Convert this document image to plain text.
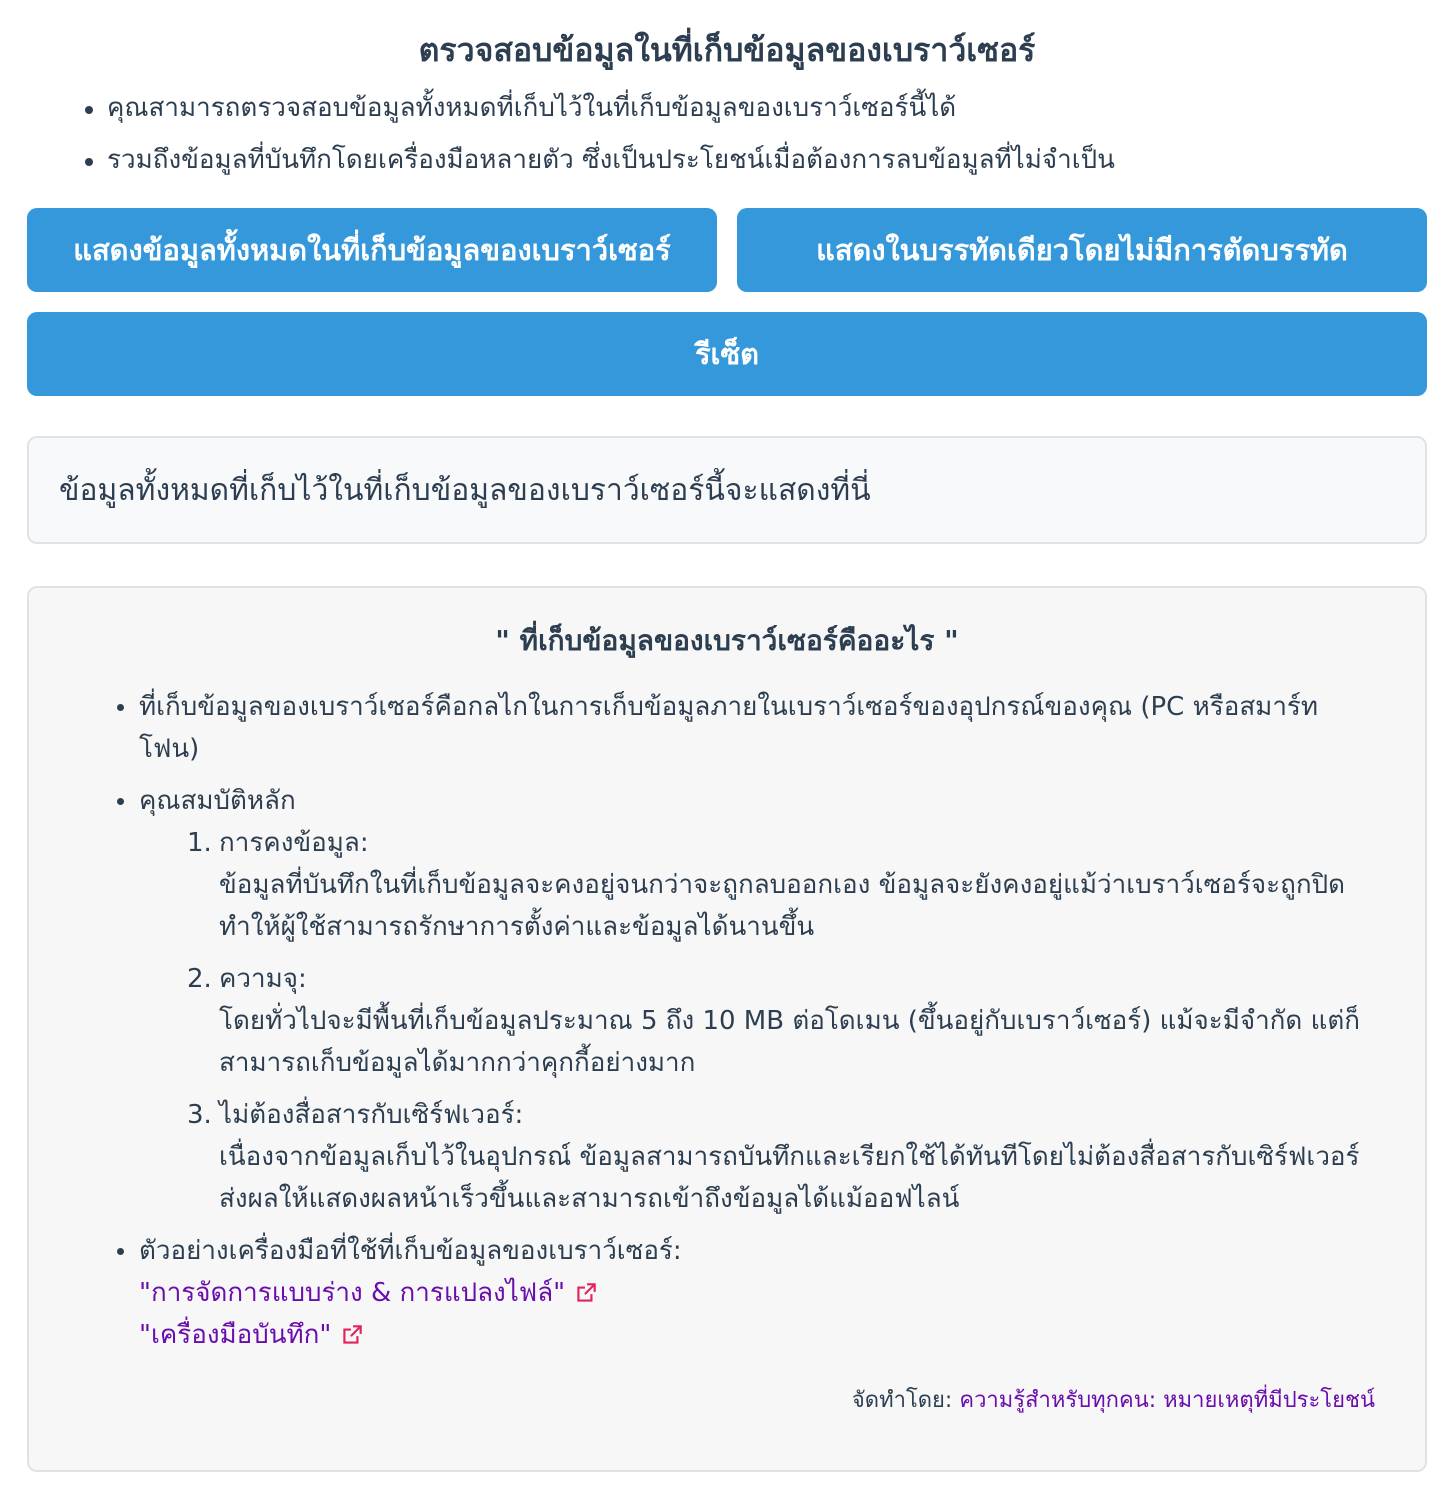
ตรวจสอบข้อมูลในที่เก็บข้อมูลของเบราว์เซอร์
คุณสามารถตรวจสอบข้อมูลทั้งหมดที่เก็บไว้ในที่เก็บข้อมูลของเบราว์เซอร์นี้ได้
รวมถึงข้อมูลที่บันทึกโดยเครื่องมือหลายตัว ซึ่งเป็นประโยชน์เมื่อต้องการลบข้อมูลที่ไม่จำเป็น
แสดงข้อมูลทั้งหมดในที่เก็บข้อมูลของเบราว์เซอร์	แสดงในบรรทัดเดียวโดยไม่มีการตัดบรรทัด
รีเซ็ต
ข้อมูลทั้งหมดที่เก็บไว้ในที่เก็บข้อมูลของเบราว์เซอร์นี้จะแสดงที่นี่
" ที่เก็บข้อมูลของเบราว์เซอร์คืออะไร "
ที่เก็บข้อมูลของเบราว์เซอร์คือกลไกในการเก็บข้อมูลภายในเบราว์เซอร์ของอุปกรณ์ของคุณ (PC หรือสมาร์ทโฟน)
คุณสมบัติหลัก
1. การคงข้อมูล:
ข้อมูลที่บันทึกในที่เก็บข้อมูลจะคงอยู่จนกว่าจะถูกลบออกเอง ข้อมูลจะยังคงอยู่แม้ว่าเบราว์เซอร์จะถูกปิด ทำให้ผู้ใช้สามารถรักษาการตั้งค่าและข้อมูลได้นานขึ้น
2. ความจุ:
โดยทั่วไปจะมีพื้นที่เก็บข้อมูลประมาณ 5 ถึง 10 MB ต่อโดเมน (ขึ้นอยู่กับเบราว์เซอร์) แม้จะมีจำกัด แต่ก็สามารถเก็บข้อมูลได้มากกว่าคุกกี้อย่างมาก
3. ไม่ต้องสื่อสารกับเซิร์ฟเวอร์:
เนื่องจากข้อมูลเก็บไว้ในอุปกรณ์ ข้อมูลสามารถบันทึกและเรียกใช้ได้ทันทีโดยไม่ต้องสื่อสารกับเซิร์ฟเวอร์ ส่งผลให้แสดงผลหน้าเร็วขึ้นและสามารถเข้าถึงข้อมูลได้แม้ออฟไลน์
ตัวอย่างเครื่องมือที่ใช้ที่เก็บข้อมูลของเบราว์เซอร์:

"การจัดการแบบร่าง & การแปลงไฟล์"

"เครื่องมือบันทึก"
จัดทำโดย: ความรู้สำหรับทุกคน: หมายเหตุที่มีประโยชน์
